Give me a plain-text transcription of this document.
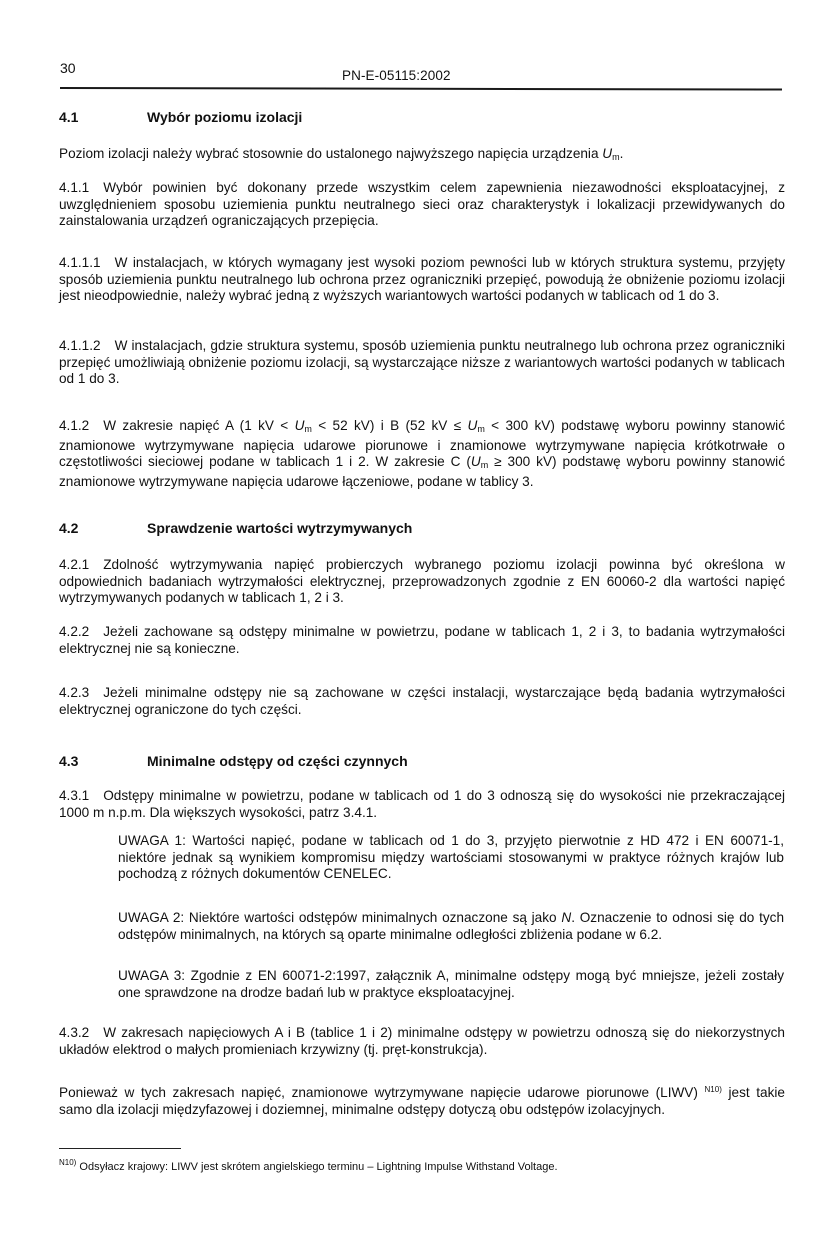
30	PN-E-05115:2002
4.1	Wybór poziomu izolacji
Poziom izolacji należy wybrać stosownie do ustalonego najwyższego napięcia urządzenia $U_m$.
4.1.1 Wybór powinien być dokonany przede wszystkim celem zapewnienia niezawodności eksploatacyjnej, z uwzględnieniem sposobu uziemienia punktu neutralnego sieci oraz charakterystyk i lokalizacji przewidywanych do zainstalowania urządzeń ograniczających przepięcia.
4.1.1.1 W instalacjach, w których wymagany jest wysoki poziom pewności lub w których struktura systemu, przyjęty sposób uziemienia punktu neutralnego lub ochrona przez ograniczniki przepięć, powodują że obniżenie poziomu izolacji jest nieodpowiednie, należy wybrać jedną z wyższych wariantowych wartości podanych w tablicach od 1 do 3.
4.1.1.2 W instalacjach, gdzie struktura systemu, sposób uziemienia punktu neutralnego lub ochrona przez ograniczniki przepięć umożliwiają obniżenie poziomu izolacji, są wystarczające niższe z wariantowych wartości podanych w tablicach od 1 do 3.
4.1.2 W zakresie napięć A (1 kV < $U_m < 52$ kV) i B (52 kV ≤ $U_m < 300$ kV) podstawę wyboru powinny stanowić znamionowe wytrzymywane napięcia udarowe piorunowe i znamionowe wytrzymywane napięcia krótkotrwałe o częstotliwości sieciowej podane w tablicach 1 i 2. W zakresie C ($U_m \ge 300$ kV) podstawę wyboru powinny stanowić znamionowe wytrzymywane napięcia udarowe łączeniowe, podane w tablicy 3.
4.2	Sprawdzenie wartości wytrzymywanych
4.2.1 Zdolność wytrzymywania napięć probierczych wybranego poziomu izolacji powinna być określona w odpowiednich badaniach wytrzymałości elektrycznej, przeprowadzonych zgodnie z EN 60060-2 dla wartości napięć wytrzymywanych podanych w tablicach 1, 2 i 3.
4.2.2 Jeżeli zachowane są odstępy minimalne w powietrzu, podane w tablicach 1, 2 i 3, to badania wytrzymałości elektrycznej nie są konieczne.
4.2.3 Jeżeli minimalne odstępy nie są zachowane w części instalacji, wystarczające będą badania wytrzymałości elektrycznej ograniczone do tych części.
4.3	Minimalne odstępy od części czynnych
4.3.1 Odstępy minimalne w powietrzu, podane w tablicach od 1 do 3 odnoszą się do wysokości nie przekraczającej 1000 m n.p.m. Dla większych wysokości, patrz 3.4.1.
UWAGA 1: Wartości napięć, podane w tablicach od 1 do 3, przyjęto pierwotnie z HD 472 i EN 60071-1, niektóre jednak są wynikiem kompromisu między wartościami stosowanymi w praktyce różnych krajów lub pochodzą z różnych dokumentów CENELEC.
UWAGA 2: Niektóre wartości odstępów minimalnych oznaczone są jako N. Oznaczenie to odnosi się do tych odstępów minimalnych, na których są oparte minimalne odległości zbliżenia podane w 6.2.
UWAGA 3: Zgodnie z EN 60071-2:1997, załącznik A, minimalne odstępy mogą być mniejsze, jeżeli zostały one sprawdzone na drodze badań lub w praktyce eksploatacyjnej.
4.3.2 W zakresach napięciowych A i B (tablice 1 i 2) minimalne odstępy w powietrzu odnoszą się do niekorzystnych układów elektrod o małych promieniach krzywizny (tj. pręt-konstrukcja).
Ponieważ w tych zakresach napięć, znamionowe wytrzymywane napięcie udarowe piorunowe (LIWV) $^{N10)}$ jest takie samo dla izolacji międzyfazowej i doziemnej, minimalne odstępy dotyczą obu odstępów izolacyjnych.
$^{N10)}$ Odsyłacz krajowy: LIWV jest skrótem angielskiego terminu – Lightning Impulse Withstand Voltage.
